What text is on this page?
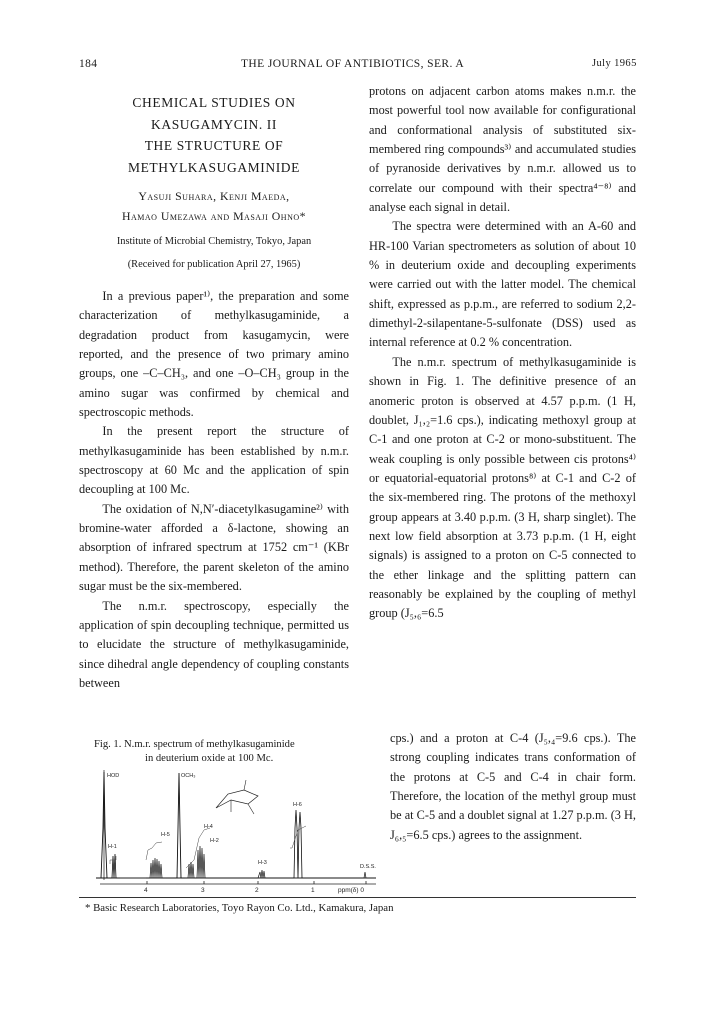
184	THE JOURNAL OF ANTIBIOTICS, SER. A	July 1965
CHEMICAL STUDIES ON
KASUGAMYCIN. II
THE STRUCTURE OF
METHYLKASUGAMINIDE
Yasuji Suhara, Kenji Maeda,
Hamao Umezawa and Masaji Ohno*
Institute of Microbial Chemistry, Tokyo, Japan
(Received for publication April 27, 1965)

In a previous paper¹⁾, the preparation and some characterization of methylkasugaminide, a degradation product from kasugamycin, were reported, and the presence of two primary amino groups, one –C–CH₃, and one –O–CH₃ group in the amino sugar was confirmed by chemical and spectroscopic methods.

In the present report the structure of methylkasugaminide has been established by n.m.r. spectroscopy at 60 Mc and the application of spin decoupling at 100 Mc.

The oxidation of N,N′-diacetylkasugamine²⁾ with bromine-water afforded a δ-lactone, showing an absorption of infrared spectrum at 1752 cm⁻¹ (KBr method). Therefore, the parent skeleton of the amino sugar must be the six-membered.

The n.m.r. spectroscopy, especially the application of spin decoupling technique, permitted us to elucidate the structure of methylkasugaminide, since dihedral angle dependency of coupling constants between

Fig. 1. N.m.r. spectrum of methylkasugaminide
in deuterium oxide at 100 Mc.
4	3	2	1	ppm(δ) 0
HOD
H-1
H-5
OCH₃
H-4
H-2
H-3
H-6
D.S.S.

protons on adjacent carbon atoms makes n.m.r. the most powerful tool now available for configurational and conformational analysis of substituted six-membered ring compounds³⁾ and accumulated studies of pyranoside derivatives by n.m.r. allowed us to correlate our compound with their spectra⁴⁻⁸⁾ and analyse each signal in detail.

The spectra were determined with an A-60 and HR-100 Varian spectrometers as solution of about 10 % in deuterium oxide and decoupling experiments were carried out with the latter model. The chemical shift, expressed as p.p.m., are referred to sodium 2,2-dimethyl-2-silapentane-5-sulfonate (DSS) used as internal reference at 0.2 % concentration.

The n.m.r. spectrum of methylkasugaminide is shown in Fig. 1. The definitive presence of an anomeric proton is observed at 4.57 p.p.m. (1 H, doublet, J₁,₂=1.6 cps.), indicating methoxyl group at C-1 and one proton at C-2 or mono-substituent. The weak coupling is only possible between cis protons⁴⁾ or equatorial-equatorial protons⁸⁾ at C-1 and C-2 of the six-membered ring. The protons of the methoxyl group appears at 3.40 p.p.m. (3 H, sharp singlet). The next low field absorption at 3.73 p.p.m. (1 H, eight signals) is assigned to a proton on C-5 connected to the ether linkage and the splitting pattern can reasonably be explained by the coupling of methyl group (J₅,₆=6.5

cps.) and a proton at C-4 (J₅,₄=9.6 cps.). The strong coupling indicates trans conformation of the protons at C-5 and C-4 in chair form. Therefore, the location of the methyl group must be at C-5 and a doublet signal at 1.27 p.p.m. (3 H, J₆,₅=6.5 cps.) agrees to the assignment.

* Basic Research Laboratories, Toyo Rayon Co. Ltd., Kamakura, Japan
